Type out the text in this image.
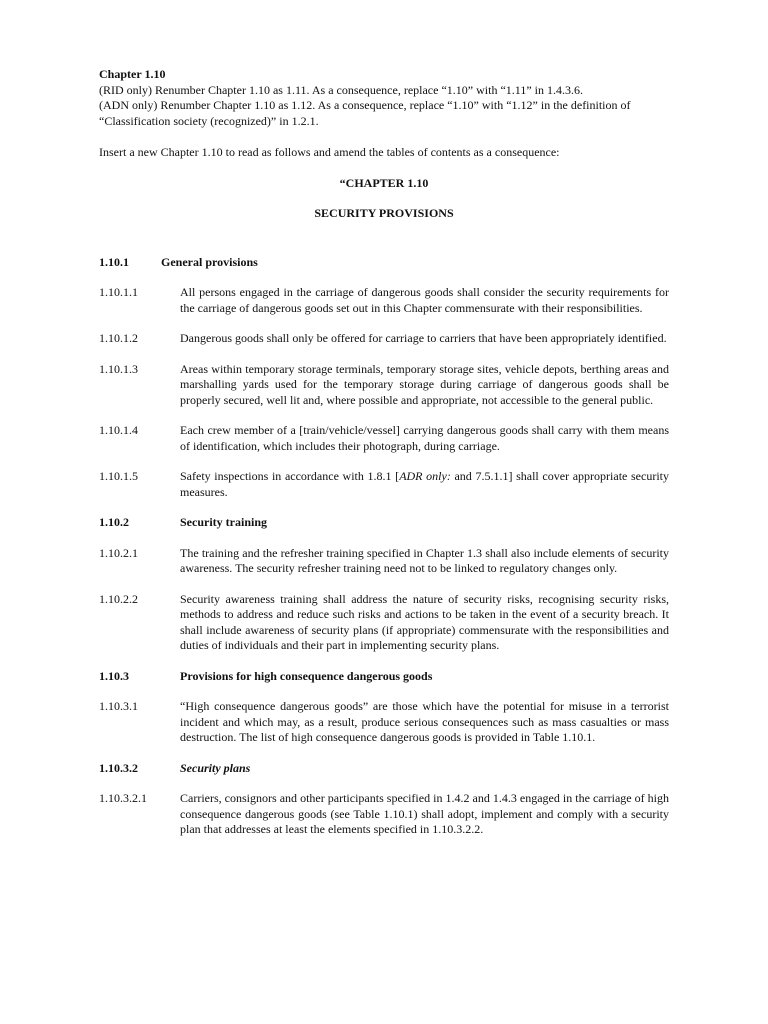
Chapter 1.10
(RID only) Renumber Chapter 1.10 as 1.11. As a consequence, replace “1.10” with “1.11” in 1.4.3.6.
(ADN only) Renumber Chapter 1.10 as 1.12. As a consequence, replace “1.10” with “1.12” in the definition of “Classification society (recognized)” in 1.2.1.
Insert a new Chapter 1.10 to read as follows and amend the tables of contents as a consequence:
“CHAPTER 1.10
SECURITY PROVISIONS
1.10.1	General provisions
1.10.1.1	All persons engaged in the carriage of dangerous goods shall consider the security requirements for the carriage of dangerous goods set out in this Chapter commensurate with their responsibilities.
1.10.1.2	Dangerous goods shall only be offered for carriage to carriers that have been appropriately identified.
1.10.1.3	Areas within temporary storage terminals, temporary storage sites, vehicle depots, berthing areas and marshalling yards used for the temporary storage during carriage of dangerous goods shall be properly secured, well lit and, where possible and appropriate, not accessible to the general public.
1.10.1.4	Each crew member of a [train/vehicle/vessel] carrying dangerous goods shall carry with them means of identification, which includes their photograph, during carriage.
1.10.1.5	Safety inspections in accordance with 1.8.1 [ADR only: and 7.5.1.1] shall cover appropriate security measures.
1.10.2	Security training
1.10.2.1	The training and the refresher training specified in Chapter 1.3 shall also include elements of security awareness. The security refresher training need not to be linked to regulatory changes only.
1.10.2.2	Security awareness training shall address the nature of security risks, recognising security risks, methods to address and reduce such risks and actions to be taken in the event of a security breach. It shall include awareness of security plans (if appropriate) commensurate with the responsibilities and duties of individuals and their part in implementing security plans.
1.10.3	Provisions for high consequence dangerous goods
1.10.3.1	“High consequence dangerous goods” are those which have the potential for misuse in a terrorist incident and which may, as a result, produce serious consequences such as mass casualties or mass destruction. The list of high consequence dangerous goods is provided in Table 1.10.1.
1.10.3.2	Security plans
1.10.3.2.1	Carriers, consignors and other participants specified in 1.4.2 and 1.4.3 engaged in the carriage of high consequence dangerous goods (see Table 1.10.1) shall adopt, implement and comply with a security plan that addresses at least the elements specified in 1.10.3.2.2.
